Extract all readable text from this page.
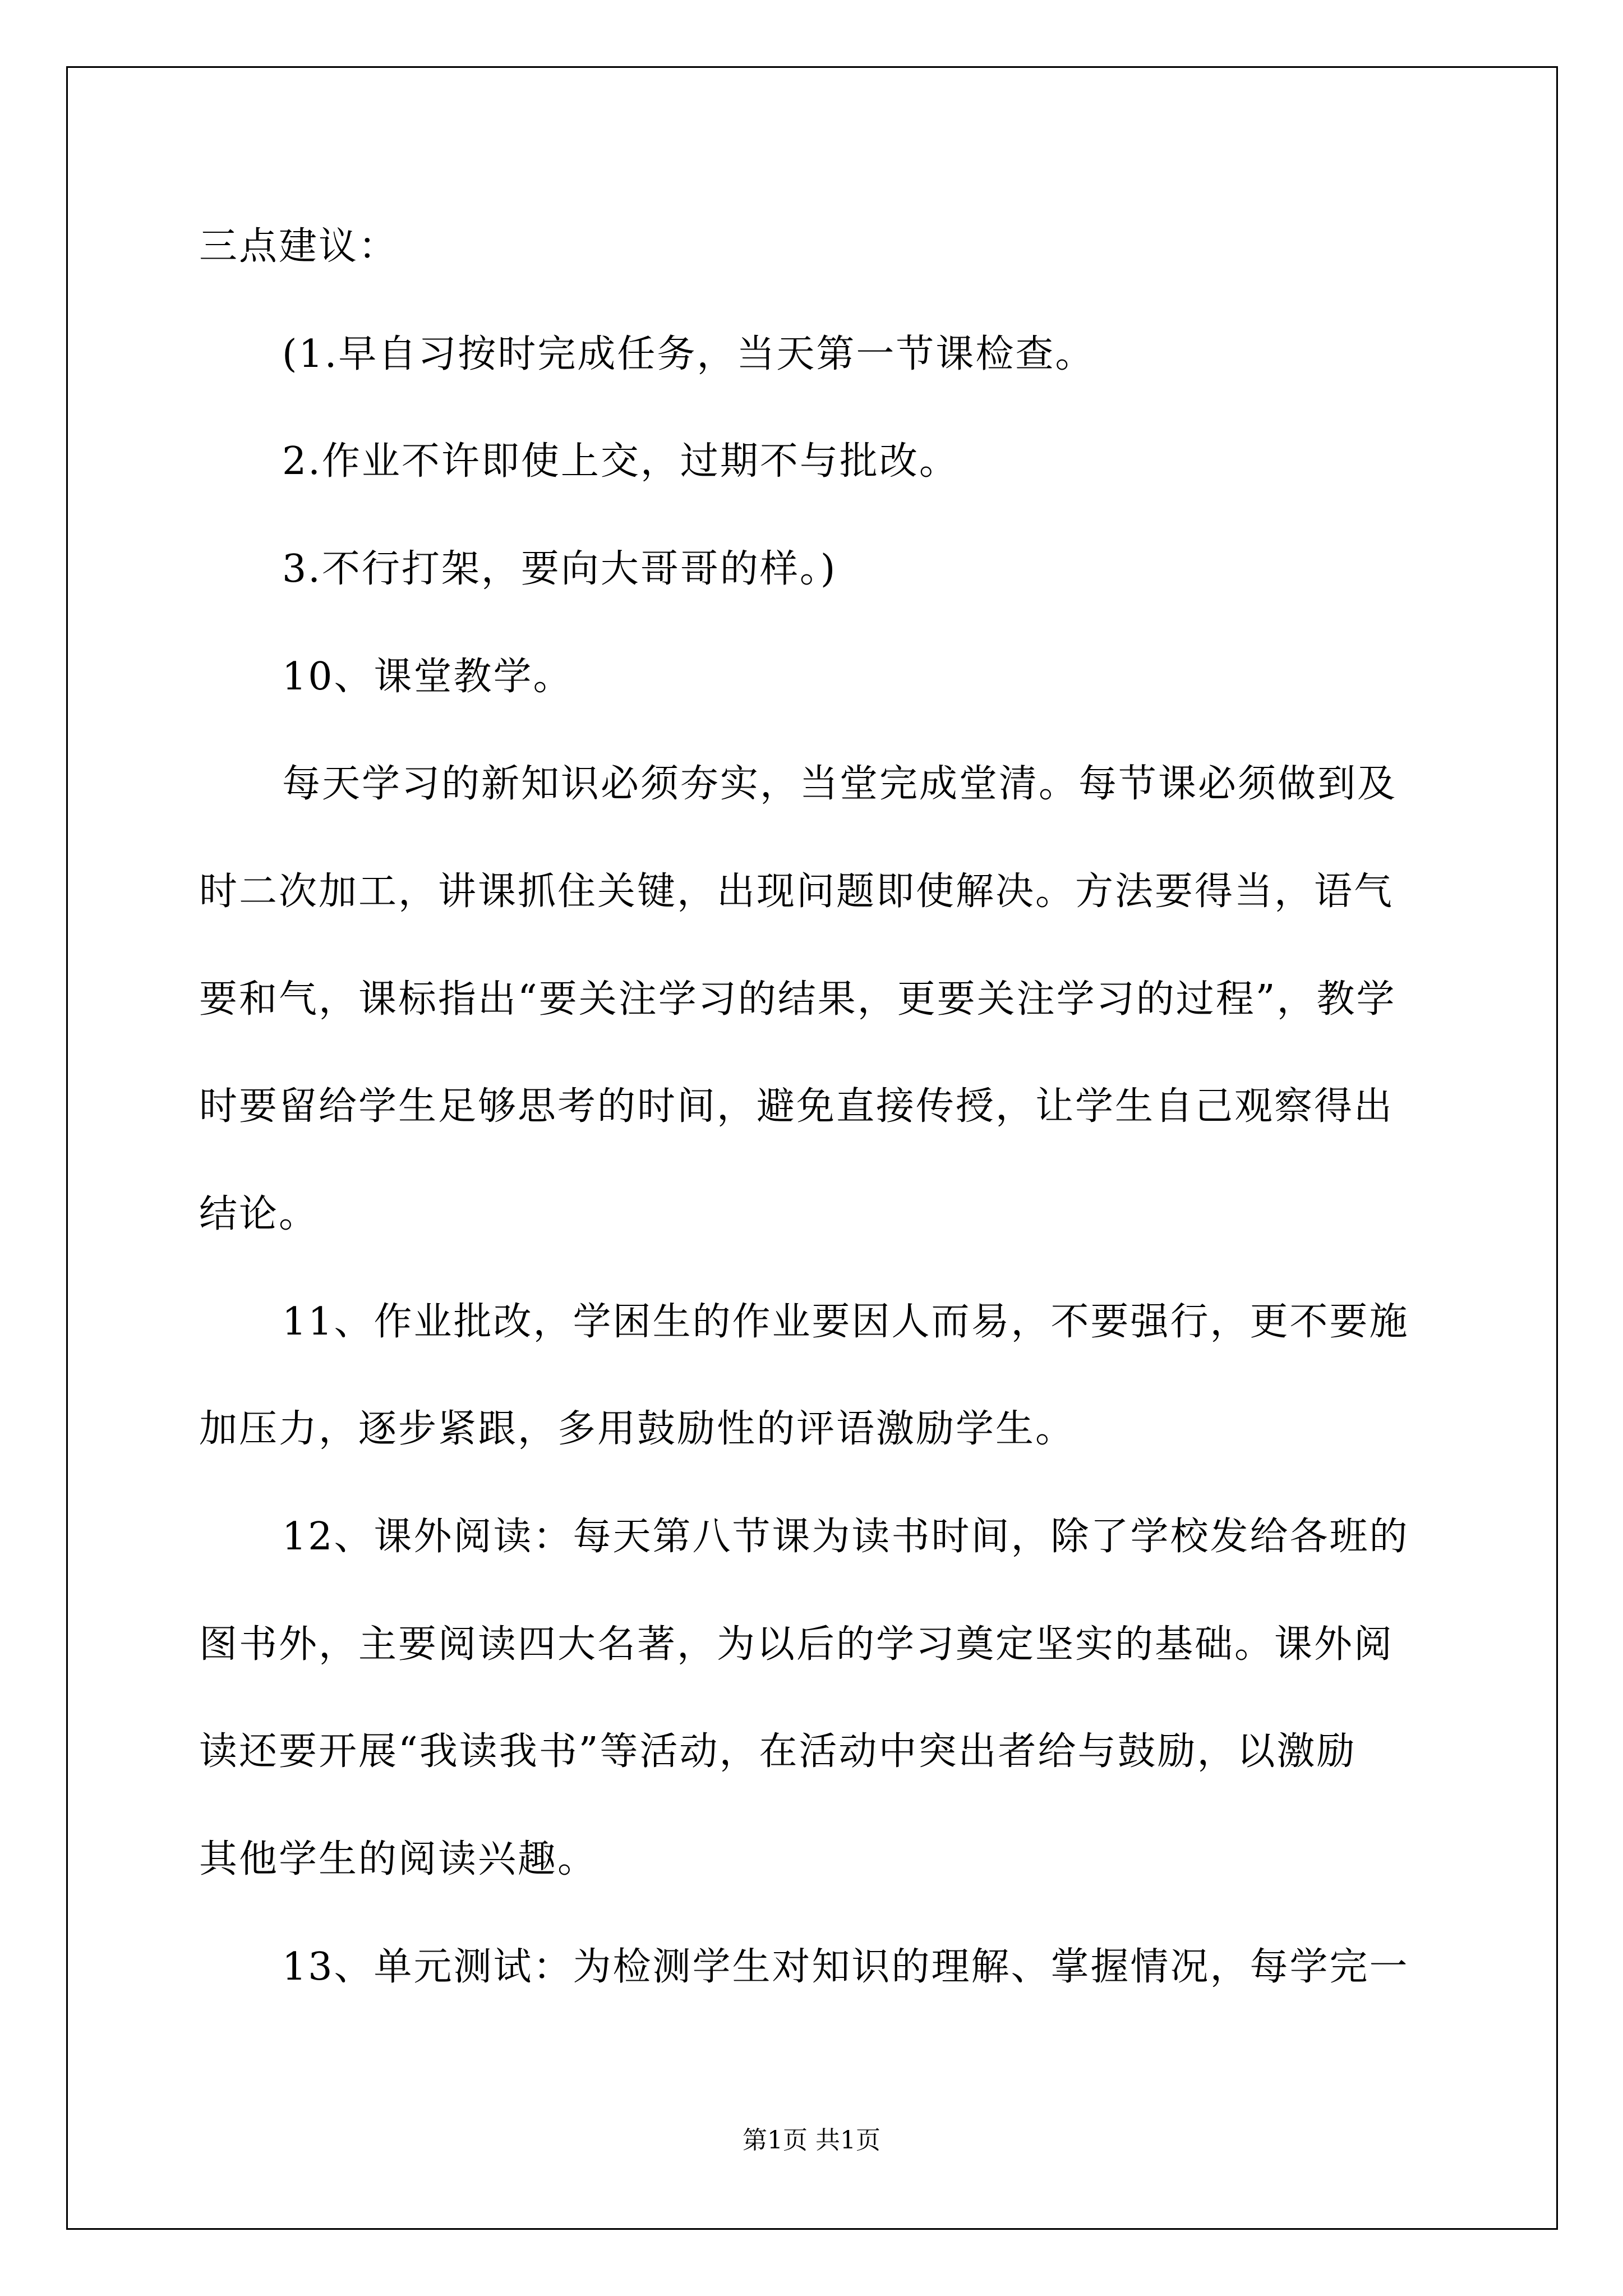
三点建议：
(1.早自习按时完成任务，当天第一节课检查。
2.作业不许即使上交，过期不与批改。
3.不行打架，要向大哥哥的样。)
10、课堂教学。
每天学习的新知识必须夯实，当堂完成堂清。每节课必须做到及
时二次加工，讲课抓住关键，出现问题即使解决。方法要得当，语气
要和气，课标指出“要关注学习的结果，更要关注学习的过程”，教学
时要留给学生足够思考的时间，避免直接传授，让学生自己观察得出
结论。
11、作业批改，学困生的作业要因人而易，不要强行，更不要施
加压力，逐步紧跟，多用鼓励性的评语激励学生。
12、课外阅读：每天第八节课为读书时间，除了学校发给各班的
图书外，主要阅读四大名著，为以后的学习奠定坚实的基础。课外阅
读还要开展“我读我书”等活动，在活动中突出者给与鼓励，以激励
其他学生的阅读兴趣。
13、单元测试：为检测学生对知识的理解、掌握情况，每学完一
第1页 共1页
